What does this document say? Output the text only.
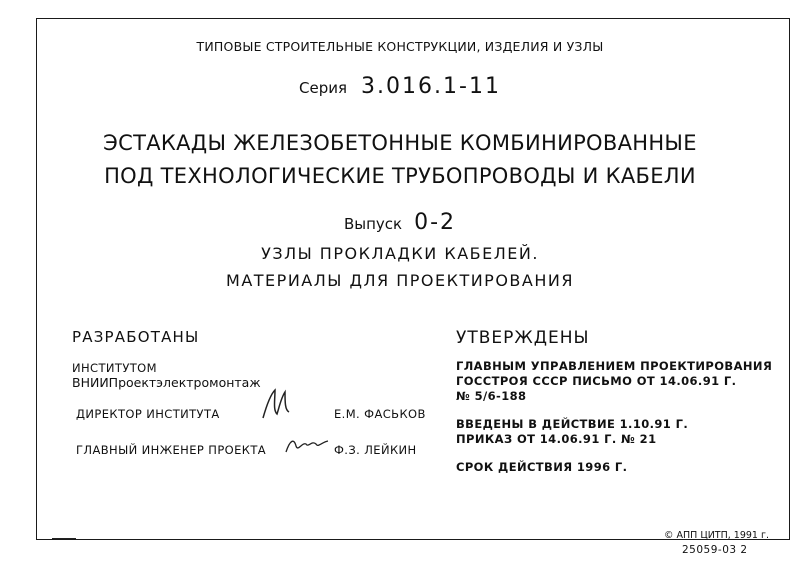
ТИПОВЫЕ СТРОИТЕЛЬНЫЕ КОНСТРУКЦИИ, ИЗДЕЛИЯ И УЗЛЫ
Серия 3.016.1-11
ЭСТАКАДЫ ЖЕЛЕЗОБЕТОННЫЕ КОМБИНИРОВАННЫЕ
ПОД ТЕХНОЛОГИЧЕСКИЕ ТРУБОПРОВОДЫ И КАБЕЛИ
Выпуск 0-2
УЗЛЫ ПРОКЛАДКИ КАБЕЛЕЙ.
МАТЕРИАЛЫ ДЛЯ ПРОЕКТИРОВАНИЯ
РАЗРАБОТАНЫ
ИНСТИТУТОМ
ВНИИПроектэлектромонтаж
ДИРЕКТОР ИНСТИТУТА	Е.М. ФАСЬКОВ
ГЛАВНЫЙ ИНЖЕНЕР ПРОЕКТА	Ф.З. ЛЕЙКИН
УТВЕРЖДЕНЫ
ГЛАВНЫМ УПРАВЛЕНИЕМ ПРОЕКТИРОВАНИЯ
ГОССТРОЯ СССР ПИСЬМО ОТ 14.06.91 Г.
№ 5/6-188
ВВЕДЕНЫ В ДЕЙСТВИЕ 1.10.91 Г.
ПРИКАЗ ОТ 14.06.91 Г. № 21
СРОК ДЕЙСТВИЯ 1996 Г.
© АПП ЦИТП, 1991 г.
25059-03 2
